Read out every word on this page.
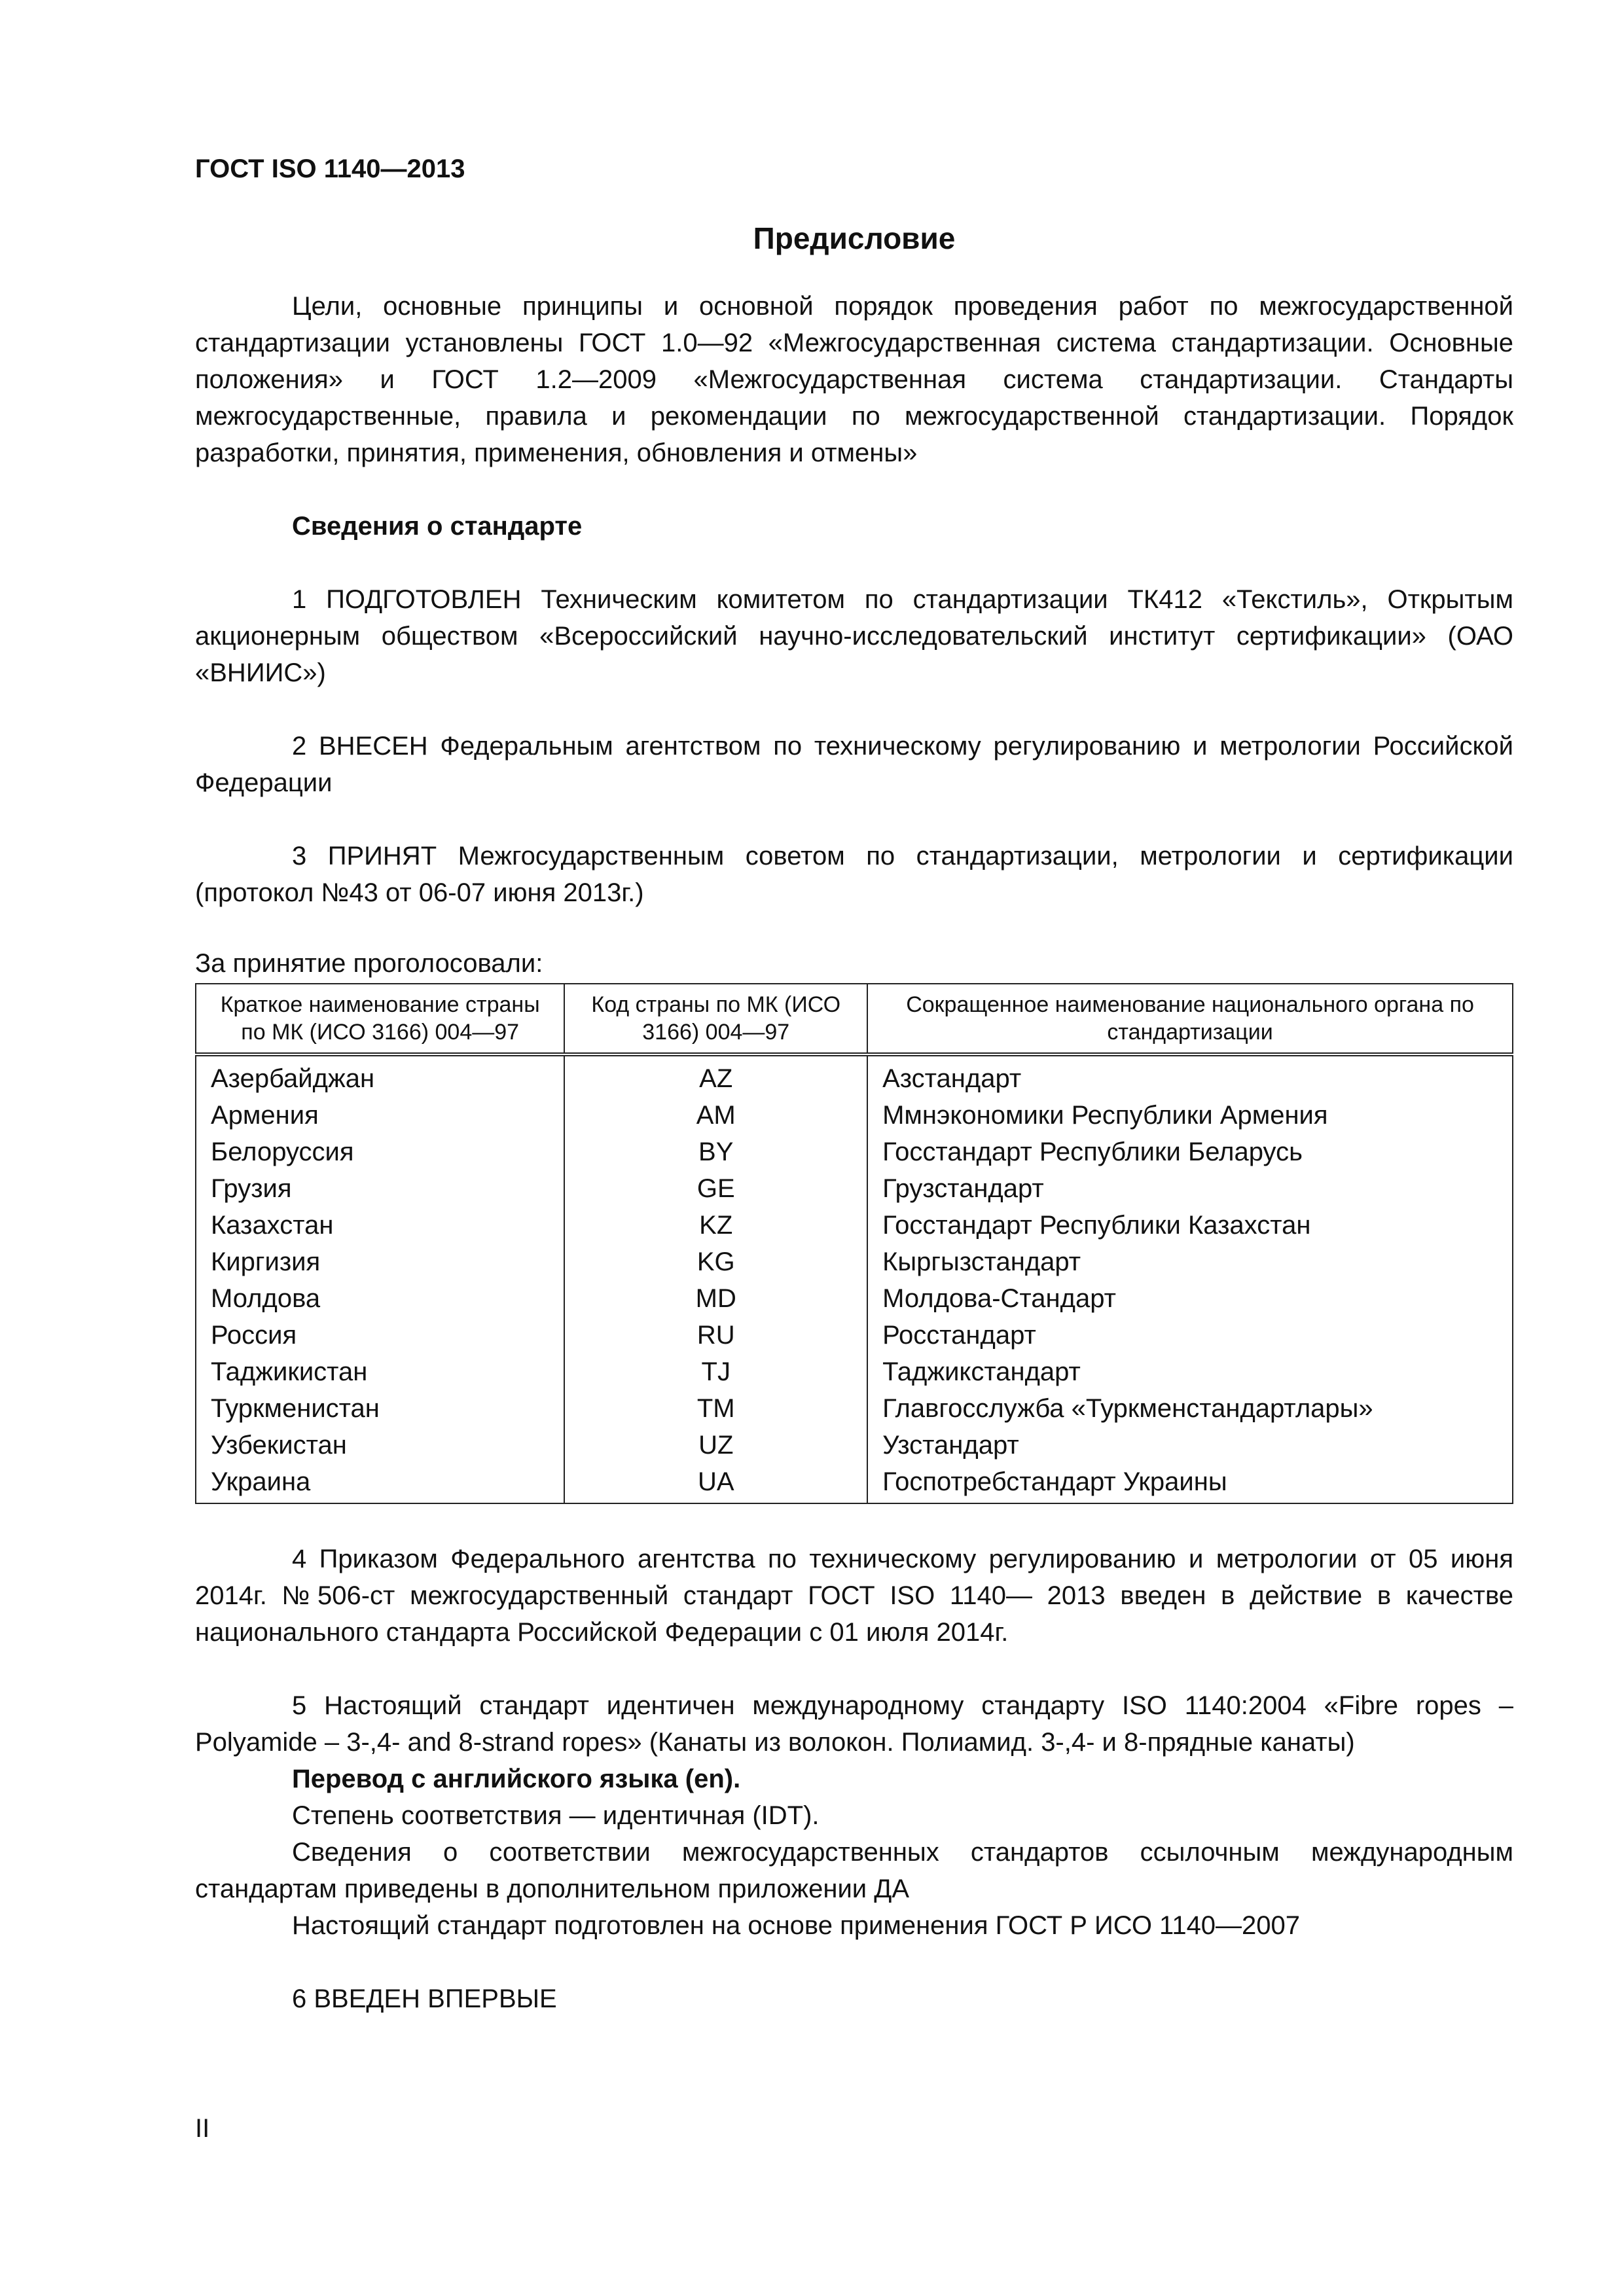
ГОСТ ISO 1140—2013
Предисловие

Цели, основные принципы и основной порядок проведения работ по межгосударственной стандартизации установлены ГОСТ 1.0—92 «Межгосударственная система стандартизации. Основные положения» и ГОСТ 1.2—2009 «Межгосударственная система стандартизации. Стандарты межгосударственные, правила и рекомендации по межгосударственной стандартизации. Порядок разработки, принятия, применения, обновления и отмены»

Сведения о стандарте

1 ПОДГОТОВЛЕН Техническим комитетом по стандартизации ТК412 «Текстиль», Открытым акционерным обществом «Всероссийский научно-исследовательский институт сертификации» (ОАО «ВНИИС»)

2 ВНЕСЕН Федеральным агентством по техническому регулированию и метрологии Российской Федерации

3 ПРИНЯТ Межгосударственным советом по стандартизации, метрологии и сертификации (протокол №43 от 06-07 июня 2013г.)

За принятие проголосовали:

Краткое наименование страны по МК (ИСО 3166) 004—97	Код страны по МК (ИСО 3166) 004—97	Сокращенное наименование национального органа по стандартизации
Азербайджан	AZ	Азстандарт
Армения	AM	Ммнэкономики Республики Армения
Белоруссия	BY	Госстандарт Республики Беларусь
Грузия	GE	Грузстандарт
Казахстан	KZ	Госстандарт Республики Казахстан
Киргизия	KG	Кыргызстандарт
Молдова	MD	Молдова-Стандарт
Россия	RU	Росстандарт
Таджикистан	TJ	Таджикстандарт
Туркменистан	TM	Главгосслужба «Туркменстандартлары»
Узбекистан	UZ	Узстандарт
Украина	UA	Госпотребстандарт Украины

4 Приказом Федерального агентства по техническому регулированию и метрологии от 05 июня 2014г. №506-ст межгосударственный стандарт ГОСТ ISO 1140— 2013 введен в действие в качестве национального стандарта Российской Федерации с 01 июля 2014г.

5 Настоящий стандарт идентичен международному стандарту ISO 1140:2004 «Fibre ropes – Polyamide – 3-,4- and 8-strand ropes» (Канаты из волокон. Полиамид. 3-,4- и 8-прядные канаты)

Перевод с английского языка (en).

Степень соответствия — идентичная (IDT).

Сведения о соответствии межгосударственных стандартов ссылочным международным стандартам приведены в дополнительном приложении ДА

Настоящий стандарт подготовлен на основе применения ГОСТ Р ИСО 1140—2007

6 ВВЕДЕН ВПЕРВЫЕ

II
